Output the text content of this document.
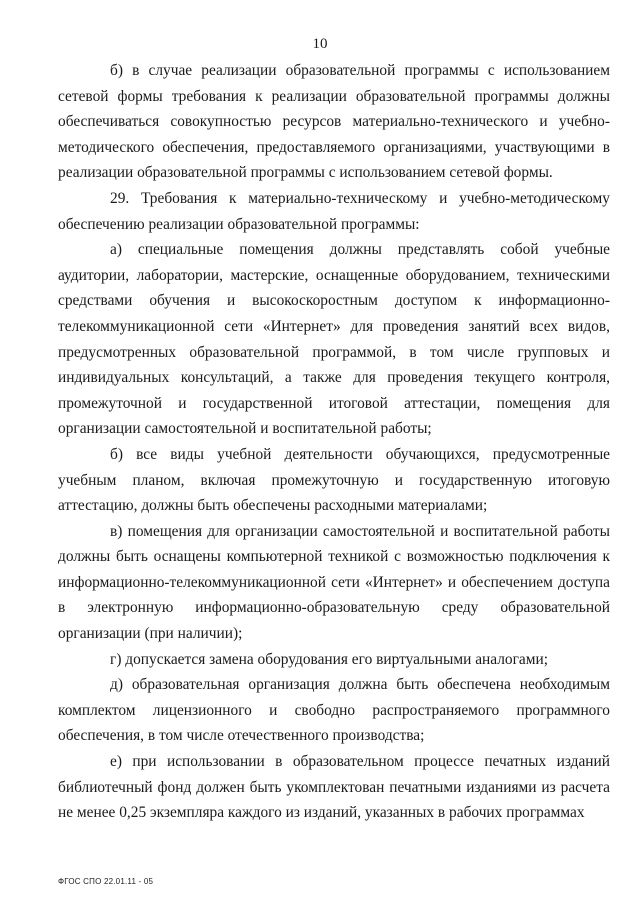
10

б) в случае реализации образовательной программы с использованием сетевой формы требования к реализации образовательной программы должны обеспечиваться совокупностью ресурсов материально-технического и учебно-методического обеспечения, предоставляемого организациями, участвующими в реализации образовательной программы с использованием сетевой формы.

29. Требования к материально-техническому и учебно-методическому обеспечению реализации образовательной программы:

а) специальные помещения должны представлять собой учебные аудитории, лаборатории, мастерские, оснащенные оборудованием, техническими средствами обучения и высокоскоростным доступом к информационно-телекоммуникационной сети «Интернет» для проведения занятий всех видов, предусмотренных образовательной программой, в том числе групповых и индивидуальных консультаций, а также для проведения текущего контроля, промежуточной и государственной итоговой аттестации, помещения для организации самостоятельной и воспитательной работы;

б) все виды учебной деятельности обучающихся, предусмотренные учебным планом, включая промежуточную и государственную итоговую аттестацию, должны быть обеспечены расходными материалами;

в) помещения для организации самостоятельной и воспитательной работы должны быть оснащены компьютерной техникой с возможностью подключения к информационно-телекоммуникационной сети «Интернет» и обеспечением доступа в электронную информационно-образовательную среду образовательной организации (при наличии);

г) допускается замена оборудования его виртуальными аналогами;

д) образовательная организация должна быть обеспечена необходимым комплектом лицензионного и свободно распространяемого программного обеспечения, в том числе отечественного производства;

е) при использовании в образовательном процессе печатных изданий библиотечный фонд должен быть укомплектован печатными изданиями из расчета не менее 0,25 экземпляра каждого из изданий, указанных в рабочих программах

ФГОС СПО 22.01.11 - 05
